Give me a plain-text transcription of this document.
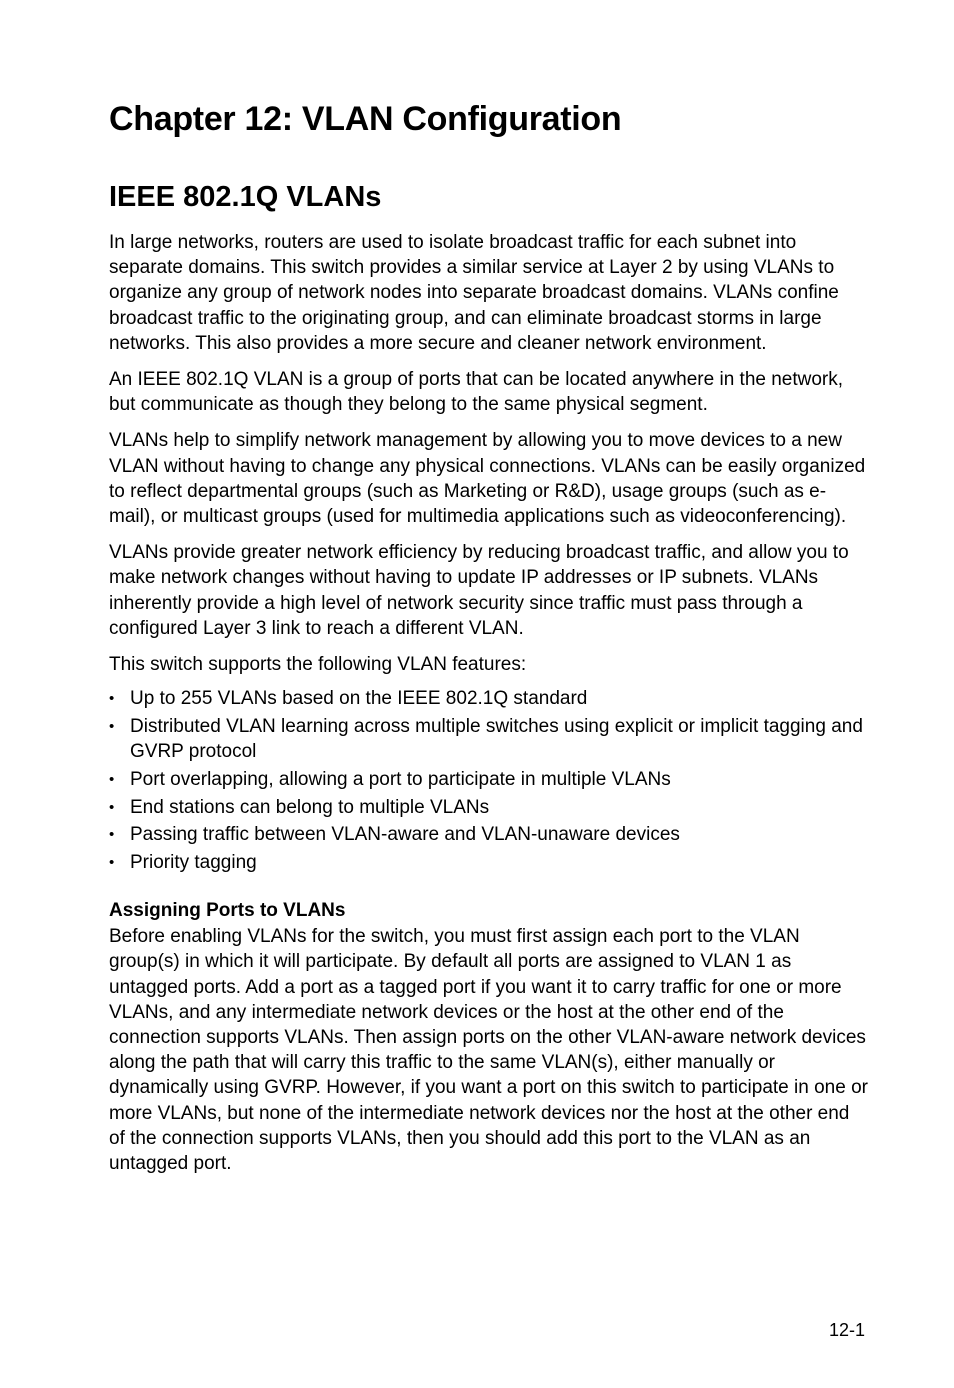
Chapter 12: VLAN Configuration
IEEE 802.1Q VLANs

In large networks, routers are used to isolate broadcast traffic for each subnet into separate domains. This switch provides a similar service at Layer 2 by using VLANs to organize any group of network nodes into separate broadcast domains. VLANs confine broadcast traffic to the originating group, and can eliminate broadcast storms in large networks. This also provides a more secure and cleaner network environment.

An IEEE 802.1Q VLAN is a group of ports that can be located anywhere in the network, but communicate as though they belong to the same physical segment.

VLANs help to simplify network management by allowing you to move devices to a new VLAN without having to change any physical connections. VLANs can be easily organized to reflect departmental groups (such as Marketing or R&D), usage groups (such as e-mail), or multicast groups (used for multimedia applications such as videoconferencing).

VLANs provide greater network efficiency by reducing broadcast traffic, and allow you to make network changes without having to update IP addresses or IP subnets. VLANs inherently provide a high level of network security since traffic must pass through a configured Layer 3 link to reach a different VLAN.

This switch supports the following VLAN features:

• Up to 255 VLANs based on the IEEE 802.1Q standard
• Distributed VLAN learning across multiple switches using explicit or implicit tagging and GVRP protocol
• Port overlapping, allowing a port to participate in multiple VLANs
• End stations can belong to multiple VLANs
• Passing traffic between VLAN-aware and VLAN-unaware devices
• Priority tagging
Assigning Ports to VLANs

Before enabling VLANs for the switch, you must first assign each port to the VLAN group(s) in which it will participate. By default all ports are assigned to VLAN 1 as untagged ports. Add a port as a tagged port if you want it to carry traffic for one or more VLANs, and any intermediate network devices or the host at the other end of the connection supports VLANs. Then assign ports on the other VLAN-aware network devices along the path that will carry this traffic to the same VLAN(s), either manually or dynamically using GVRP. However, if you want a port on this switch to participate in one or more VLANs, but none of the intermediate network devices nor the host at the other end of the connection supports VLANs, then you should add this port to the VLAN as an untagged port.

12-1
